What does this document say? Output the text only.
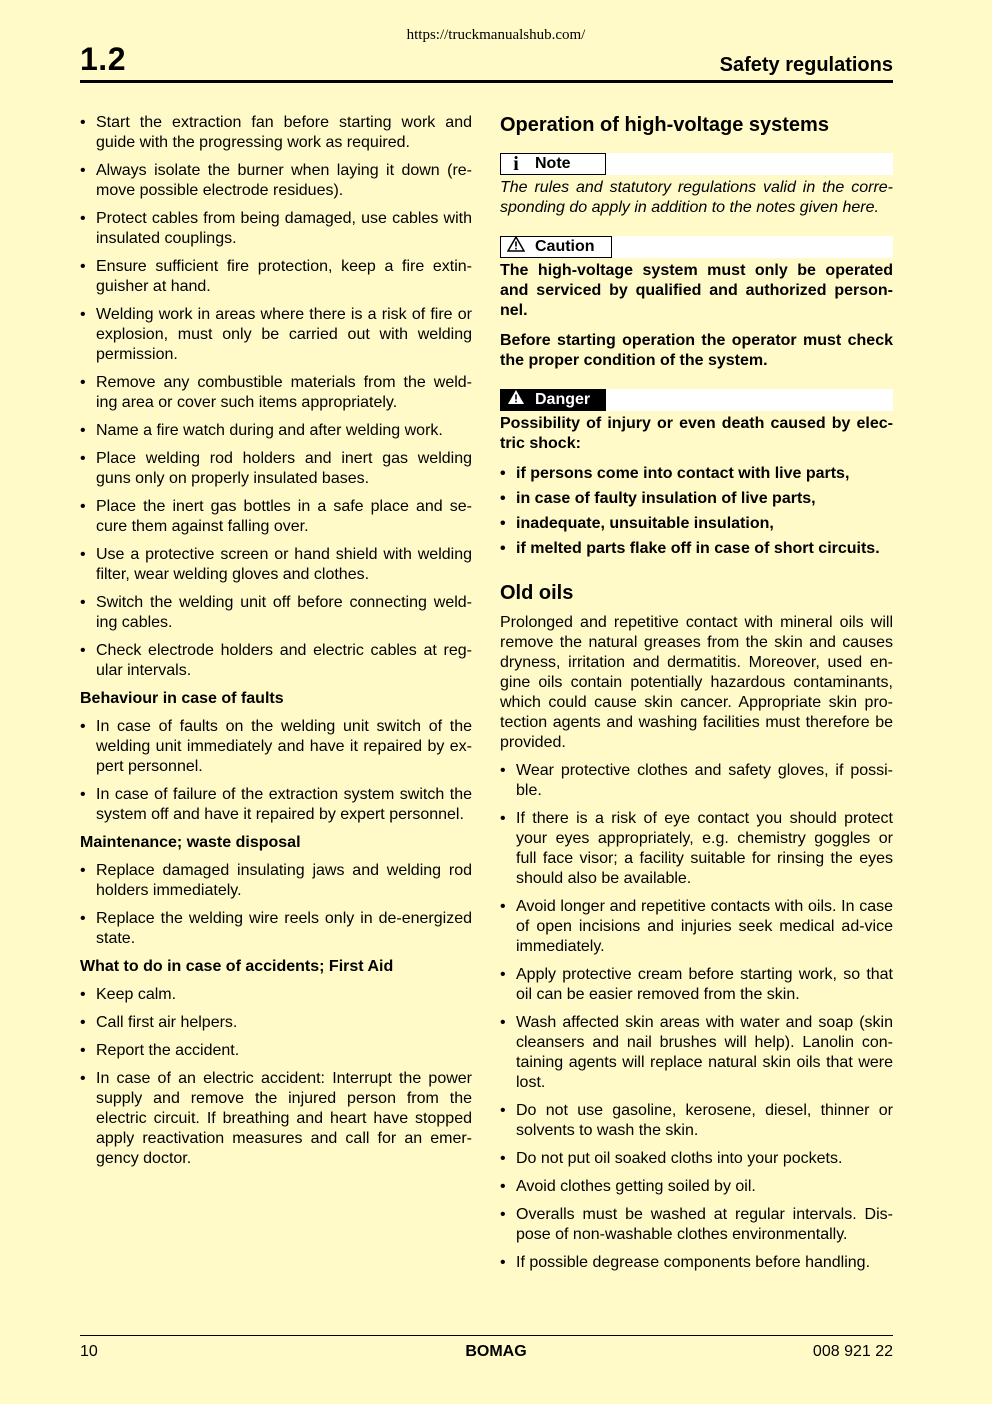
https://truckmanualshub.com/
1.2	Safety regulations
• Start the extraction fan before starting work and guide with the progressing work as required.
• Always isolate the burner when laying it down (re-move possible electrode residues).
• Protect cables from being damaged, use cables with insulated couplings.
• Ensure sufficient fire protection, keep a fire extin-guisher at hand.
• Welding work in areas where there is a risk of fire or explosion, must only be carried out with welding permission.
• Remove any combustible materials from the weld-ing area or cover such items appropriately.
• Name a fire watch during and after welding work.
• Place welding rod holders and inert gas welding guns only on properly insulated bases.
• Place the inert gas bottles in a safe place and se-cure them against falling over.
• Use a protective screen or hand shield with welding filter, wear welding gloves and clothes.
• Switch the welding unit off before connecting weld-ing cables.
• Check electrode holders and electric cables at reg-ular intervals.
Behaviour in case of faults
• In case of faults on the welding unit switch of the welding unit immediately and have it repaired by ex-pert personnel.
• In case of failure of the extraction system switch the system off and have it repaired by expert personnel.
Maintenance; waste disposal
• Replace damaged insulating jaws and welding rod holders immediately.
• Replace the welding wire reels only in de-energized state.
What to do in case of accidents; First Aid
• Keep calm.
• Call first air helpers.
• Report the accident.
• In case of an electric accident: Interrupt the power supply and remove the injured person from the electric circuit. If breathing and heart have stopped apply reactivation measures and call for an emer-gency doctor.
Operation of high-voltage systems
i	Note
The rules and statutory regulations valid in the corre-sponding do apply in addition to the notes given here.
Caution
The high-voltage system must only be operated and serviced by qualified and authorized person-nel.
Before starting operation the operator must check the proper condition of the system.
Danger
Possibility of injury or even death caused by elec-tric shock:
• if persons come into contact with live parts,
• in case of faulty insulation of live parts,
• inadequate, unsuitable insulation,
• if melted parts flake off in case of short circuits.
Old oils
Prolonged and repetitive contact with mineral oils will remove the natural greases from the skin and causes dryness, irritation and dermatitis. Moreover, used en-gine oils contain potentially hazardous contaminants, which could cause skin cancer. Appropriate skin pro-tection agents and washing facilities must therefore be provided.
• Wear protective clothes and safety gloves, if possi-ble.
• If there is a risk of eye contact you should protect your eyes appropriately, e.g. chemistry goggles or full face visor; a facility suitable for rinsing the eyes should also be available.
• Avoid longer and repetitive contacts with oils. In case of open incisions and injuries seek medical ad-vice immediately.
• Apply protective cream before starting work, so that oil can be easier removed from the skin.
• Wash affected skin areas with water and soap (skin cleansers and nail brushes will help). Lanolin con-taining agents will replace natural skin oils that were lost.
• Do not use gasoline, kerosene, diesel, thinner or solvents to wash the skin.
• Do not put oil soaked cloths into your pockets.
• Avoid clothes getting soiled by oil.
• Overalls must be washed at regular intervals. Dis-pose of non-washable clothes environmentally.
• If possible degrease components before handling.
10	BOMAG	008 921 22
